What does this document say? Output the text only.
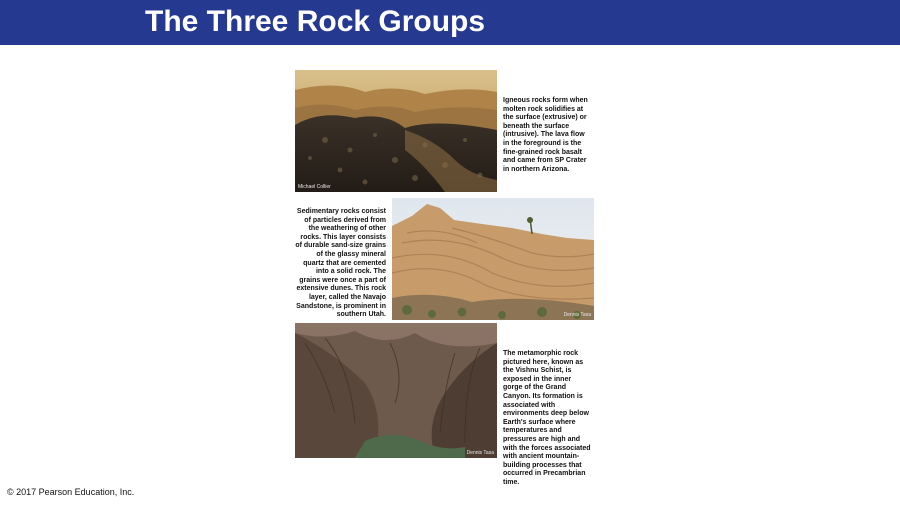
The Three Rock Groups
Michael Collier

Igneous rocks form when molten rock solidifies at the surface (extrusive) or beneath the surface (intrusive). The lava flow in the foreground is the fine-grained rock basalt and came from SP Crater in northern Arizona.

Sedimentary rocks consist of particles derived from the weathering of other rocks. This layer consists of durable sand-size grains of the glassy mineral quartz that are cemented into a solid rock. The grains were once a part of extensive dunes. This rock layer, called the Navajo Sandstone, is prominent in southern Utah.	Dennis Tasa
Dennis Tasa

The metamorphic rock pictured here, known as the Vishnu Schist, is exposed in the inner gorge of the Grand Canyon. Its formation is associated with environments deep below Earth's surface where temperatures and pressures are high and with the forces associated with ancient mountain-building processes that occurred in Precambrian time.

© 2017 Pearson Education, Inc.
